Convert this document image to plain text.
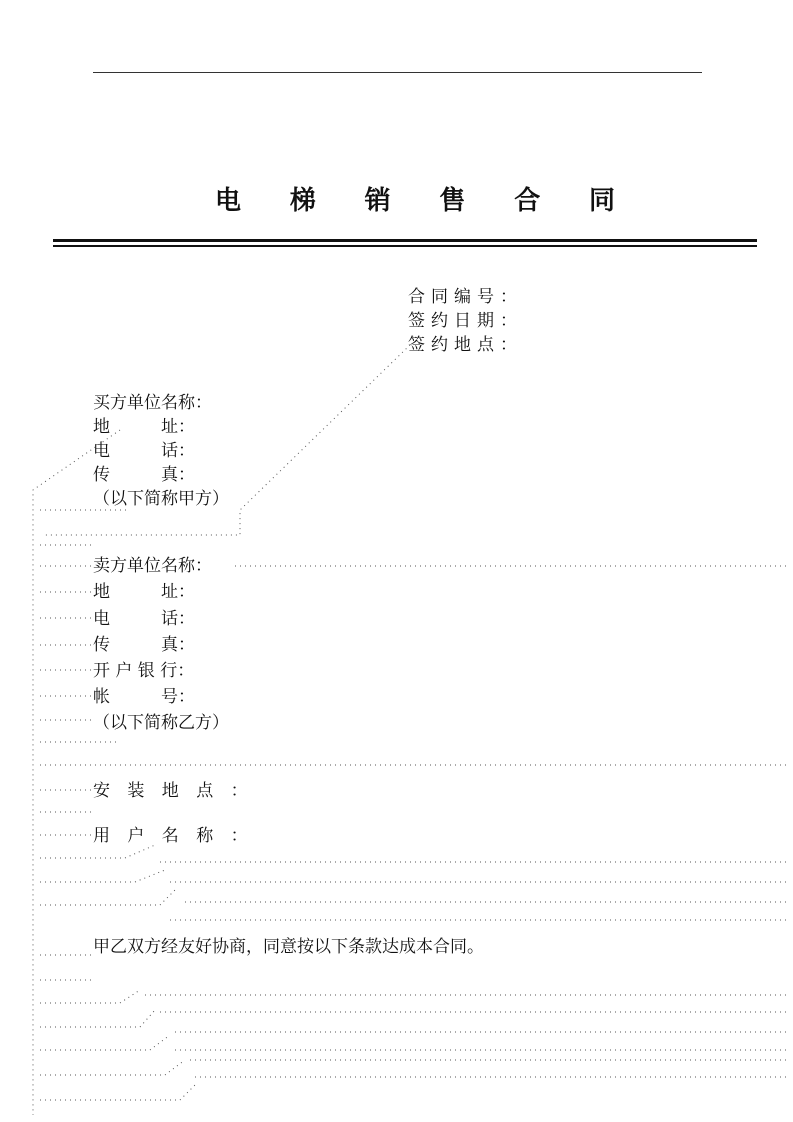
电 梯 销 售 合 同
合同编号：
签约日期：
签约地点：
买方单位名称：
地　　　址：
电　　　话：
传　　　真：
（以下简称甲方）
卖方单位名称：
地　　　址：
电　　　话：
传　　　真：
开 户 银 行：
帐　　　号：
（以下简称乙方）
安 装 地 点 ：
用 户 名 称 ：
甲乙双方经友好协商，同意按以下条款达成本合同。
